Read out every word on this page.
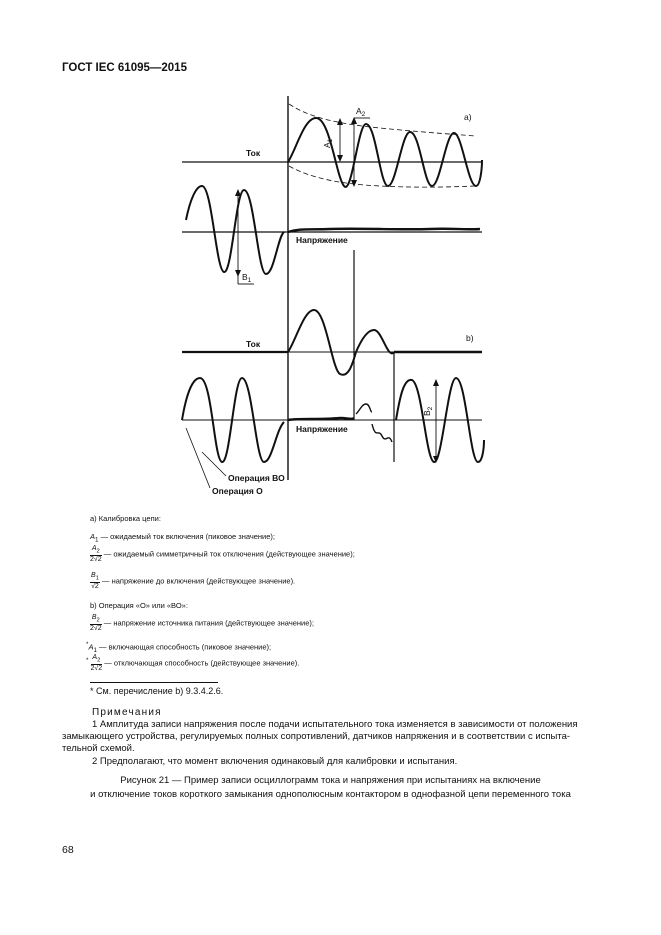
ГОСТ IEC 61095—2015
a)
Ток
Напряжение
$A_1$
$A_2$
$B_1$
b)
Ток
Напряжение
$B_2$
Операция ВО
Операция О
a) Калибровка цепи:
$A_1$ — ожидаемый ток включения (пиковое значение);
$\frac{A_2}{2√2}$ — ожидаемый симметричный ток отключения (действующее значение);
$\frac{B_1}{√2}$ — напряжение до включения (действующее значение).
b) Операция «О» или «ВО»:
$\frac{B_2}{2√2}$ — напряжение источника питания (действующее значение);
$^*A_1$ — включающая способность (пиковое значение);
$^* \frac{A_2}{2√2}$ — отключающая способность (действующее значение).
* См. перечисление b) 9.3.4.2.6.
Примечания
1 Амплитуда записи напряжения после подачи испытательного тока изменяется в зависимости от положения
замыкающего устройства, регулируемых полных сопротивлений, датчиков напряжения и в соответствии с испыта-
тельной схемой.
2 Предполагают, что момент включения одинаковый для калибровки и испытания.
Рисунок 21 — Пример записи осциллограмм тока и напряжения при испытаниях на включение
и отключение токов короткого замыкания однополюсным контактором в однофазной цепи переменного тока
68
